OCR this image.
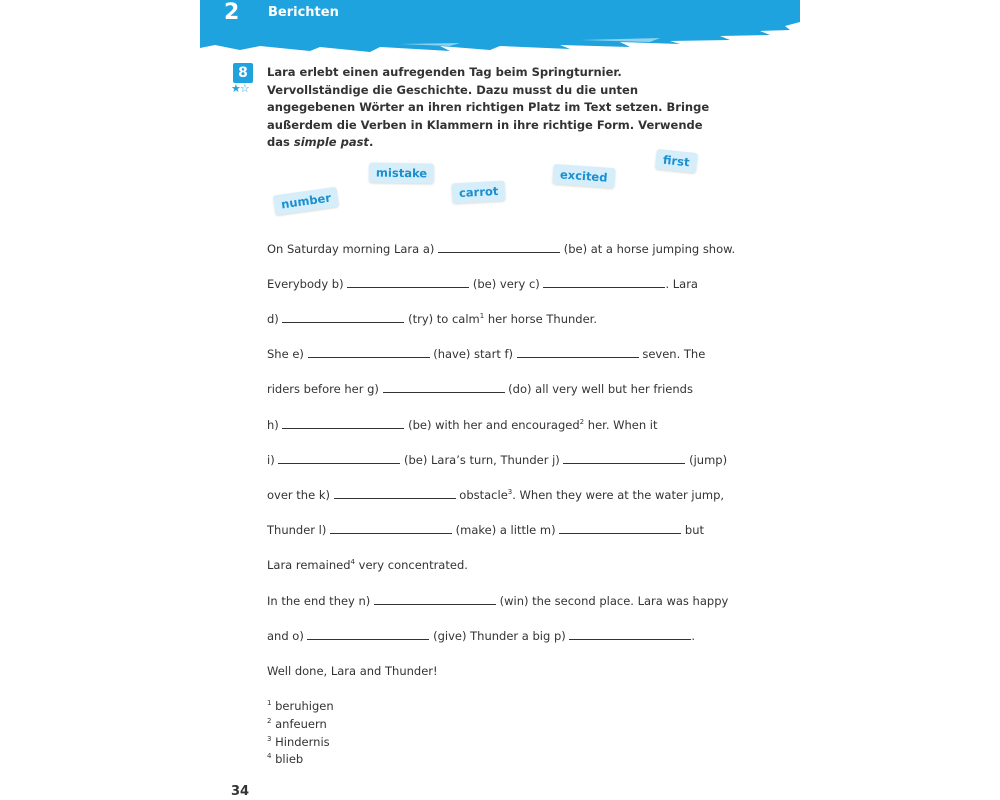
2 Berichten
8
★☆
Lara erlebt einen aufregenden Tag beim Springturnier. Vervollständige die Geschichte. Dazu musst du die unten angegebenen Wörter an ihren richtigen Platz im Text setzen. Bringe außerdem die Verben in Klammern in ihre richtige Form. Verwende das simple past.
mistake
carrot
excited
first
number
On Saturday morning Lara a)	(be) at a horse jumping show.
Everybody b)	(be) very c)	. Lara
d)	(try) to calm$^1$ her horse Thunder.
She e)	(have) start f)	seven. The
riders before her g)	(do) all very well but her friends
h)	(be) with her and encouraged$^2$ her. When it
i)	(be) Lara’s turn, Thunder j)	(jump)
over the k)	obstacle$^3$. When they were at the water jump,
Thunder l)	(make) a little m)	but
Lara remained$^4$ very concentrated.
In the end they n)	(win) the second place. Lara was happy
and o)	(give) Thunder a big p)	.
Well done, Lara and Thunder!
$^1$ beruhigen
$^2$ anfeuern
$^3$ Hindernis
$^4$ blieb
34
